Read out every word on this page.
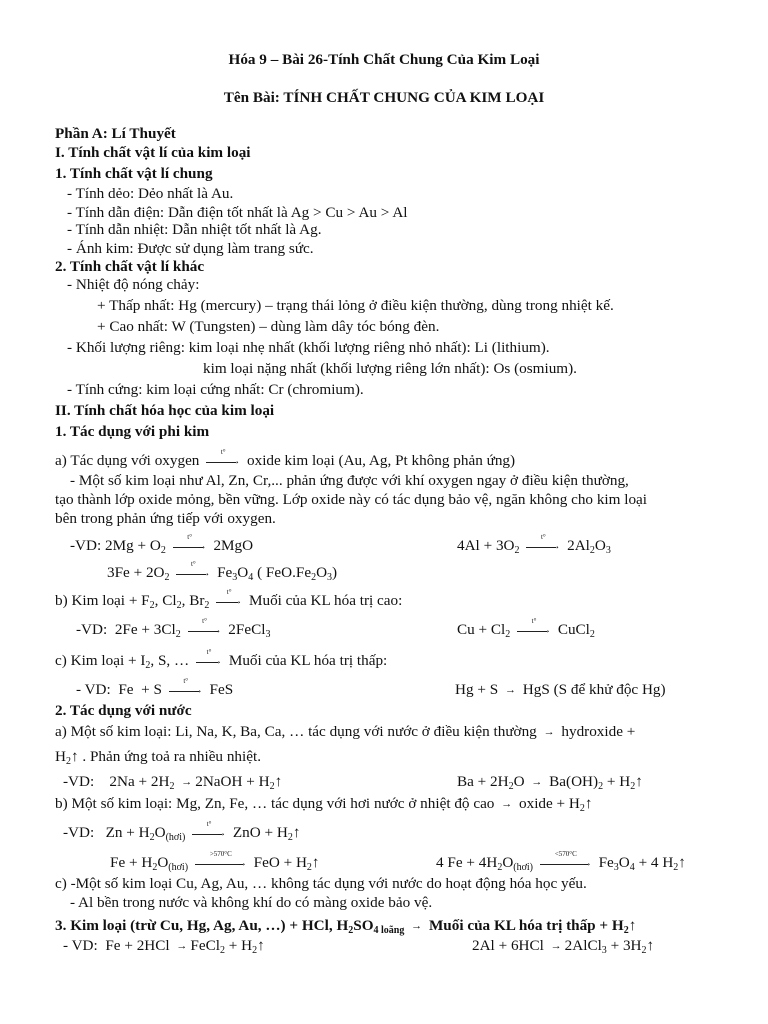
Hóa 9 – Bài 26-Tính Chất Chung Của Kim Loại
Tên Bài: TÍNH CHẤT CHUNG CỦA KIM LOẠI
Phần A: Lí Thuyết
I. Tính chất vật lí của kim loại
1. Tính chất vật lí chung
- Tính dẻo: Dẻo nhất là Au.
- Tính dẫn điện: Dẫn điện tốt nhất là Ag > Cu > Au > Al
- Tính dẫn nhiệt: Dẫn nhiệt tốt nhất là Ag.
- Ánh kim: Được sử dụng làm trang sức.
2. Tính chất vật lí khác
- Nhiệt độ nóng chảy:
+ Thấp nhất: Hg (mercury) – trạng thái lỏng ở điều kiện thường, dùng trong nhiệt kế.
+ Cao nhất: W (Tungsten) – dùng làm dây tóc bóng đèn.
- Khối lượng riêng: kim loại nhẹ nhất (khối lượng riêng nhỏ nhất): Li (lithium).
kim loại nặng nhất (khối lượng riêng lớn nhất): Os (osmium).
- Tính cứng: kim loại cứng nhất: Cr (chromium).
II. Tính chất hóa học của kim loại
1. Tác dụng với phi kim
a) Tác dụng với oxygen
t°
→ oxide kim loại (Au, Ag, Pt không phản ứng)
- Một số kim loại như Al, Zn, Cr,... phản ứng được với khí oxygen ngay ở điều kiện thường,
tạo thành lớp oxide mỏng, bền vững. Lớp oxide này có tác dụng bảo vệ, ngăn không cho kim loại
bên trong phản ứng tiếp với oxygen.
-VD: $2Mg + O_2$
t°
→ 2MgO	$4Al + 3O_2$
t°
→ $2Al_2O_3$
$3Fe + 2O_2$
t°
→ $Fe_3O_4$ ( $FeO.Fe_2O_3$)
b) Kim loại + $F_2$, $Cl_2$, $Br_2$
t°
→ Muối của KL hóa trị cao:
-VD:  $2Fe + 3Cl_2$
t°
→ 2FeCl$_3$	$Cu + Cl_2$
t°
→ CuCl$_2$
c) Kim loại + $I_2$, S, …
t°
→ Muối của KL hóa trị thấp:
- VD:  Fe  + S
t°
→ FeS	Hg + S → HgS (S để khử độc Hg)
2. Tác dụng với nước
a) Một số kim loại: Li, Na, K, Ba, Ca, … tác dụng với nước ở điều kiện thường → hydroxide +
$H_2↑$ . Phản ứng toả ra nhiều nhiệt.
-VD:    $2Na + 2H_2$ → 2NaOH + $H_2↑$	$Ba + 2H_2O \to Ba(OH)_2$ + $H_2↑$
b) Một số kim loại: Mg, Zn, Fe, … tác dụng với hơi nước ở nhiệt độ cao → oxide + $H_2↑$
-VD:   $Zn + H_2O_{(hơi)}$
t°
→ ZnO + $H_2↑$
$Fe + H_2O_{(hơi)}$
>570°C
→ FeO + $H_2↑$	4 $Fe + 4H_2O_{(hơi)}$
<570°C
→ $Fe_3O_4 + 4$ $H_2↑$
c) -Một số kim loại Cu, Ag, Au, … không tác dụng với nước do hoạt động hóa học yếu.
- Al bền trong nước và không khí do có màng oxide bảo vệ.
3. Kim loại (trừ Cu, Hg, Ag, Au, …) + HCl, $H_2SO_{4 loãng}$ → Muối của KL hóa trị thấp + $H_2↑$
- VD:  Fe + 2HCl → FeCl$_2$ + $H_2↑$	2Al + 6HCl → 2AlCl$_3$ + $3H_2↑$
